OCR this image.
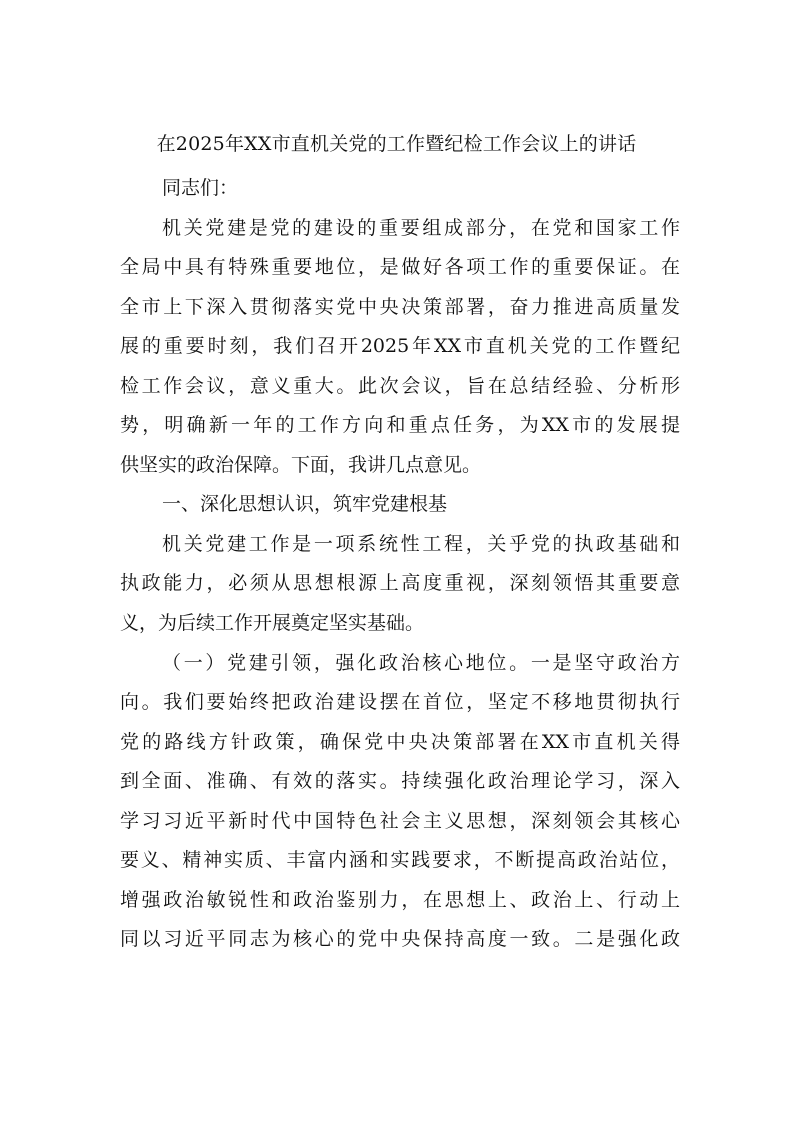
在2025年XX市直机关党的工作暨纪检工作会议上的讲话
同志们：
机关党建是党的建设的重要组成部分，在党和国家工作
全局中具有特殊重要地位，是做好各项工作的重要保证。在
全市上下深入贯彻落实党中央决策部署，奋力推进高质量发
展的重要时刻，我们召开2025年XX市直机关党的工作暨纪
检工作会议，意义重大。此次会议，旨在总结经验、分析形
势，明确新一年的工作方向和重点任务，为XX市的发展提
供坚实的政治保障。下面，我讲几点意见。
一、深化思想认识，筑牢党建根基
机关党建工作是一项系统性工程，关乎党的执政基础和
执政能力，必须从思想根源上高度重视，深刻领悟其重要意
义，为后续工作开展奠定坚实基础。
（一）党建引领，强化政治核心地位。一是坚守政治方
向。我们要始终把政治建设摆在首位，坚定不移地贯彻执行
党的路线方针政策，确保党中央决策部署在XX市直机关得
到全面、准确、有效的落实。持续强化政治理论学习，深入
学习习近平新时代中国特色社会主义思想，深刻领会其核心
要义、精神实质、丰富内涵和实践要求，不断提高政治站位，
增强政治敏锐性和政治鉴别力，在思想上、政治上、行动上
同以习近平同志为核心的党中央保持高度一致。二是强化政
